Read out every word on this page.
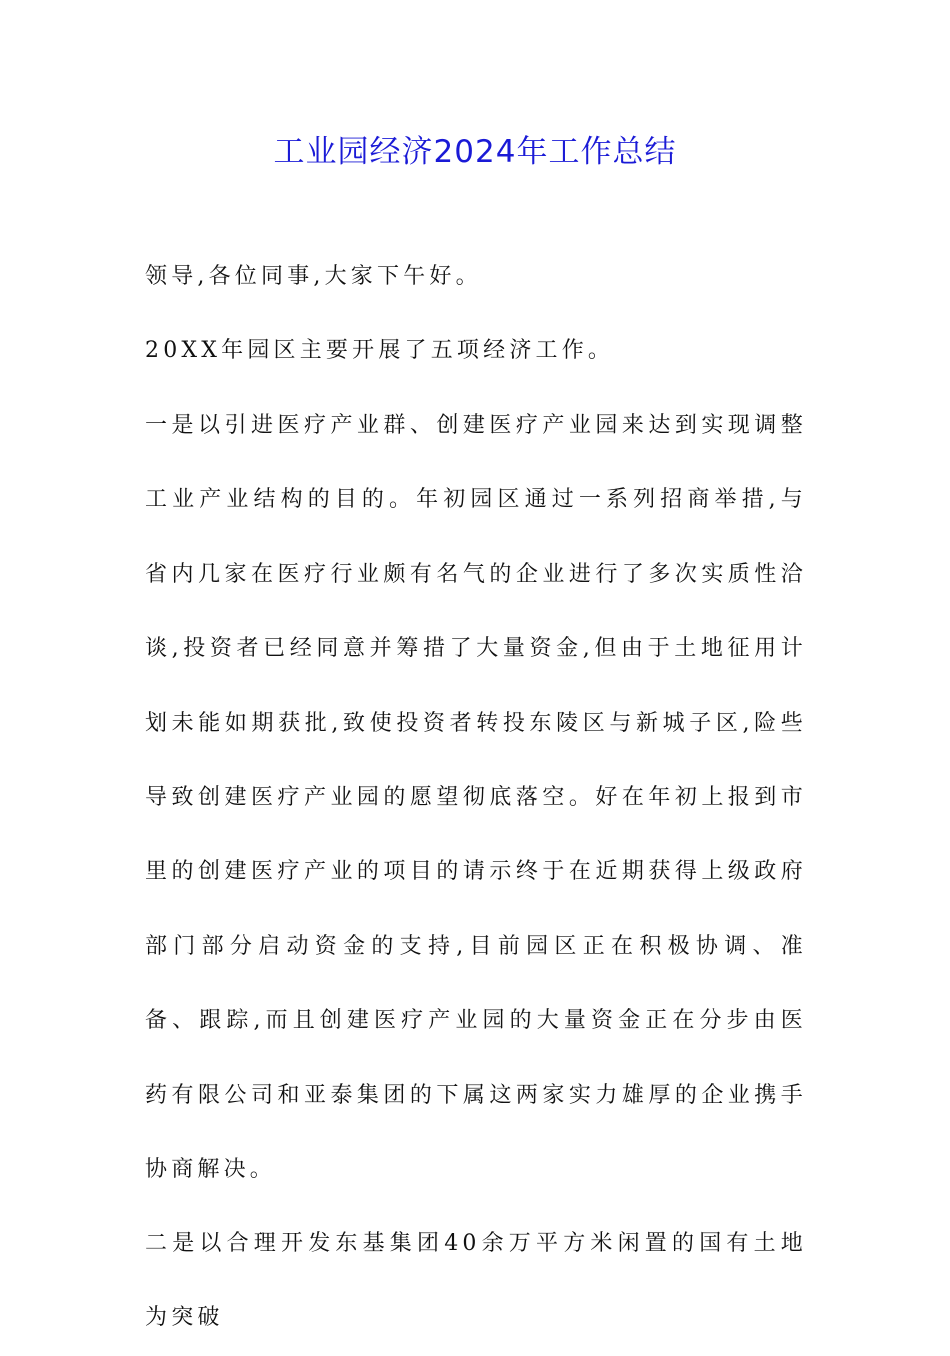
工业园经济2024年工作总结

领导,各位同事,大家下午好。

20XX年园区主要开展了五项经济工作。

一是以引进医疗产业群、创建医疗产业园来达到实现调整工业产业结构的目的。年初园区通过一系列招商举措,与省内几家在医疗行业颇有名气的企业进行了多次实质性洽谈,投资者已经同意并筹措了大量资金,但由于土地征用计划未能如期获批,致使投资者转投东陵区与新城子区,险些导致创建医疗产业园的愿望彻底落空。好在年初上报到市里的创建医疗产业的项目的请示终于在近期获得上级政府部门部分启动资金的支持,目前园区正在积极协调、准备、跟踪,而且创建医疗产业园的大量资金正在分步由医药有限公司和亚泰集团的下属这两家实力雄厚的企业携手协商解决。

二是以合理开发东基集团40余万平方米闲置的国有土地为突破
